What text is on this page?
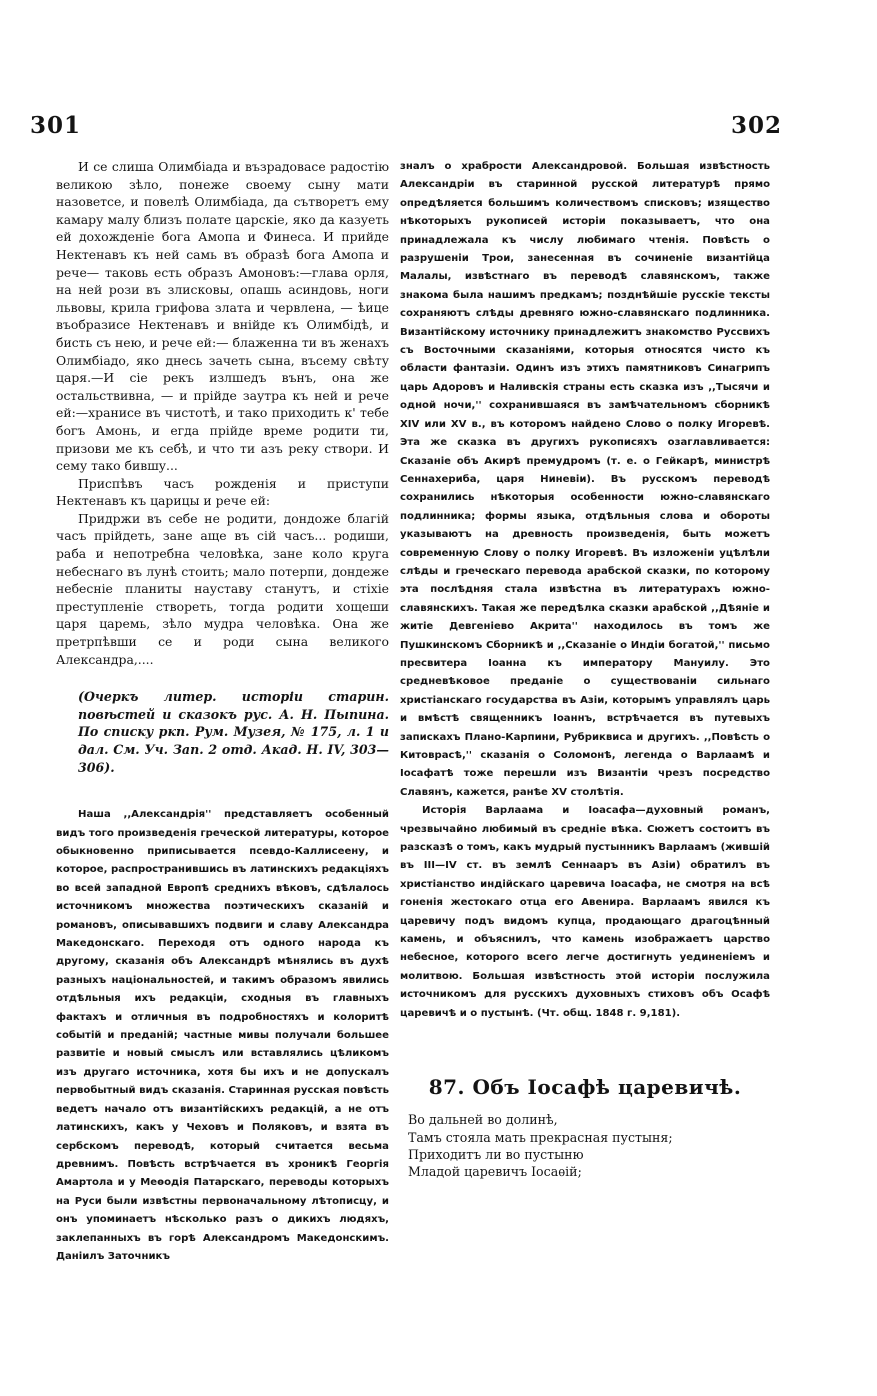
301	302

И се слиша Олимбіада и възрадовасе радостію великою зѣло, понеже своему сыну мати назоветсе, и повелѣ Олимбіада, да сътворетъ ему камару малу близъ полате царскіе, яко да казуеть ей дохожденіе бога Амопа и Финеса. И прийде Нектенавъ къ ней самь въ образѣ бога Амопа и рече— таковь есть образъ Амоновъ:—глава орля, на ней рози въ злисковы, опашь асиндовь, ноги львовы, крила грифова злата и червлена, — ѣице въобразисе Нектенавъ и внійде къ Олимбідѣ, и бисть съ нею, и рече ей:— блаженна ти въ женахъ Олимбіадо, яко днесь зачеть сына, въсему свѣту царя.—И сіе рекъ излшедъ вънъ, она же остальствивна, — и прійде заутра къ ней и рече ей:—хранисе въ чистотѣ, и тако приходить к' тебе богъ Амонь, и егда прійде време родити ти, призови ме къ себѣ, и что ти азъ реку створи. И сему тако бившу...

Приспѣвъ часъ рожденія и приступи Нектенавъ къ царицы и рече ей:

Придржи въ себе не родити, дондоже благій часъ прійдеть, зане аще въ сій часъ... родиши, раба и непотребна человѣка, зане коло круга небеснаго въ лунѣ стоить; мало потерпи, дондеже небесніе планиты науставу станутъ, и стіхіе преступленіе створеть, тогда родити хощеши царя царемь, зѣло мудра человѣка. Она же претрпѣвши се и роди сына великого Александра,....

(Очеркъ литер. исторіи старин. повѣстей и сказокъ рус. А. Н. Пыпина. По списку ркп. Рум. Музея, № 175, л. 1 и дал. См. Уч. Зап. 2 отд. Акад. Н. IV, 303—306).

Наша ,,Александрія'' представляетъ особенный видъ того произведенія греческой литературы, которое обыкновенно приписывается псевдо-Каллисеену, и которое, распространившись въ латинскихъ редакціяхъ во всей западной Европѣ среднихъ вѣковъ, сдѣлалось источникомъ множества поэтическихъ сказаній и романовъ, описывавшихъ подвиги и славу Александра Македонскаго. Переходя отъ одного народа къ другому, сказанія объ Александрѣ мѣнялись въ духѣ разныхъ національностей, и такимъ образомъ явились отдѣльныя ихъ редакціи, сходныя въ главныхъ фактахъ и отличныя въ подробностяхъ и колоритѣ событій и преданій; частные мивы получали большее развитіе и новый смыслъ или вставлялись цѣликомъ изъ другаго источника, хотя бы ихъ и не допускалъ первобытный видъ сказанія. Старинная русская повѣсть ведетъ начало отъ византійскихъ редакцій, а не отъ латинскихъ, какъ у Чеховъ и Поляковъ, и взята въ сербскомъ переводѣ, который считается весьма древнимъ. Повѣсть встрѣчается въ хроникѣ Георгія Амартола и у Меѳодія Патарскаго, переводы которыхъ на Руси были извѣстны первоначальному лѣтописцу, и онъ упоминаетъ нѣсколько разъ о дикихъ людяхъ, заклепанныхъ въ горѣ Александромъ Македонскимъ. Даніилъ Заточникъ

зналъ о храбрости Александровой. Большая извѣстность Александріи въ старинной русской литературѣ прямо опредѣляется большимъ количествомъ списковъ; изящество нѣкоторыхъ рукописей исторіи показываетъ, что она принадлежала къ числу любимаго чтенія. Повѣсть о разрушеніи Трои, занесенная въ сочиненіе византійца Малалы, извѣстнаго въ переводѣ славянскомъ, также знакома была нашимъ предкамъ; позднѣйшіе русскіе тексты сохраняютъ слѣды древняго южно-славянскаго подлинника. Византійскому источнику принадлежитъ знакомство Руссвихъ съ Восточными сказаніями, которыя относятся чисто къ области фантазіи. Одинъ изъ этихъ памятниковъ Синагрипъ царь Адоровъ и Наливскія страны есть сказка изъ ,,Тысячи и одной ночи,'' сохранившаяся въ замѣчательномъ сборникѣ XIV или XV в., въ которомъ найдено Слово о полку Игоревѣ. Эта же сказка въ другихъ рукописяхъ озаглавливается: Сказаніе объ Акирѣ премудромъ (т. е. о Гейкарѣ, министрѣ Сеннахериба, царя Ниневіи). Въ русскомъ переводѣ сохранились нѣкоторыя особенности южно-славянскаго подлинника; формы языка, отдѣльныя слова и обороты указываютъ на древность произведенія, быть можетъ современную Слову о полку Игоревѣ. Въ изложеніи уцѣлѣли слѣды и греческаго перевода арабской сказки, по которому эта послѣдняя стала извѣстна въ литературахъ южно-славянскихъ. Такая же передѣлка сказки арабской ,,Дѣяніе и житіе Девгеніево Акрита'' находилось въ томъ же Пушкинскомъ Сборникѣ и ,,Сказаніе о Индіи богатой,'' письмо пресвитера Іоанна къ императору Мануилу. Это средневѣковое преданіе о существованіи сильнаго христіанскаго государства въ Азіи, которымъ управлялъ царь и вмѣстѣ священникъ Іоаннъ, встрѣчается въ путевыхъ запискахъ Плано-Карпини, Рубриквиса и другихъ. ,,Повѣсть о Китоврасѣ,'' сказанія о Соломонѣ, легенда о Варлаамѣ и Іосафатѣ тоже перешли изъ Византіи чрезъ посредство Славянъ, кажется, ранѣе XV столѣтія.

Исторія Варлаама и Іоасафа—духовный романъ, чрезвычайно любимый въ средніе вѣка. Сюжетъ состоитъ въ разсказѣ о томъ, какъ мудрый пустынникъ Варлаамъ (жившій въ III—IV ст. въ землѣ Сеннааръ въ Азіи) обратилъ въ христіанство индійскаго царевича Іоасафа, не смотря на всѣ гоненія жестокаго отца его Авенира. Варлаамъ явился къ царевичу подъ видомъ купца, продающаго драгоцѣнный камень, и объяснилъ, что камень изображаетъ царство небесное, которого всего легче достигнуть уединеніемъ и молитвою. Большая извѣстность этой исторіи послужила источникомъ для русскихъ духовныхъ стиховъ объ Осафѣ царевичѣ и о пустынѣ. (Чт. общ. 1848 г. 9,181).

87. Объ Іосафѣ царевичѣ.
Во дальней во долинѣ,
Тамъ стояла мать прекрасная пустыня;
Приходитъ ли во пустыню
Младой царевичъ Іосаѳій;
